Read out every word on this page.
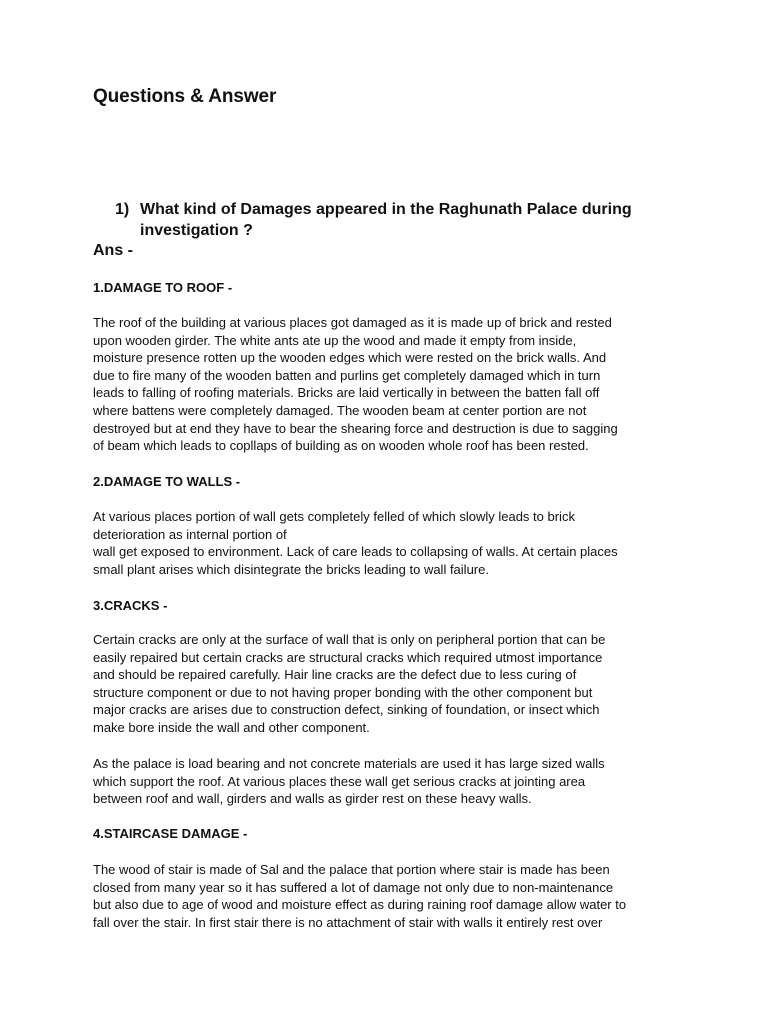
Questions & Answer
1) What kind of Damages appeared in the Raghunath Palace during investigation ?
Ans -
1.DAMAGE TO ROOF -

The roof of the building at various places got damaged as it is made up of brick and rested
upon wooden girder. The white ants ate up the wood and made it empty from inside,
moisture presence rotten up the wooden edges which were rested on the brick walls. And
due to fire many of the wooden batten and purlins get completely damaged which in turn
leads to falling of roofing materials. Bricks are laid vertically in between the batten fall off
where battens were completely damaged. The wooden beam at center portion are not
destroyed but at end they have to bear the shearing force and destruction is due to sagging
of beam which leads to copllaps of building as on wooden whole roof has been rested.

2.DAMAGE TO WALLS -

At various places portion of wall gets completely felled of which slowly leads to brick
deterioration as internal portion of
wall get exposed to environment. Lack of care leads to collapsing of walls. At certain places
small plant arises which disintegrate the bricks leading to wall failure.

3.CRACKS -

Certain cracks are only at the surface of wall that is only on peripheral portion that can be
easily repaired but certain cracks are structural cracks which required utmost importance
and should be repaired carefully. Hair line cracks are the defect due to less curing of
structure component or due to not having proper bonding with the other component but
major cracks are arises due to construction defect, sinking of foundation, or insect which
make bore inside the wall and other component.

As the palace is load bearing and not concrete materials are used it has large sized walls
which support the roof. At various places these wall get serious cracks at jointing area
between roof and wall, girders and walls as girder rest on these heavy walls.

4.STAIRCASE DAMAGE -

The wood of stair is made of Sal and the palace that portion where stair is made has been
closed from many year so it has suffered a lot of damage not only due to non-maintenance
but also due to age of wood and moisture effect as during raining roof damage allow water to
fall over the stair. In first stair there is no attachment of stair with walls it entirely rest over
